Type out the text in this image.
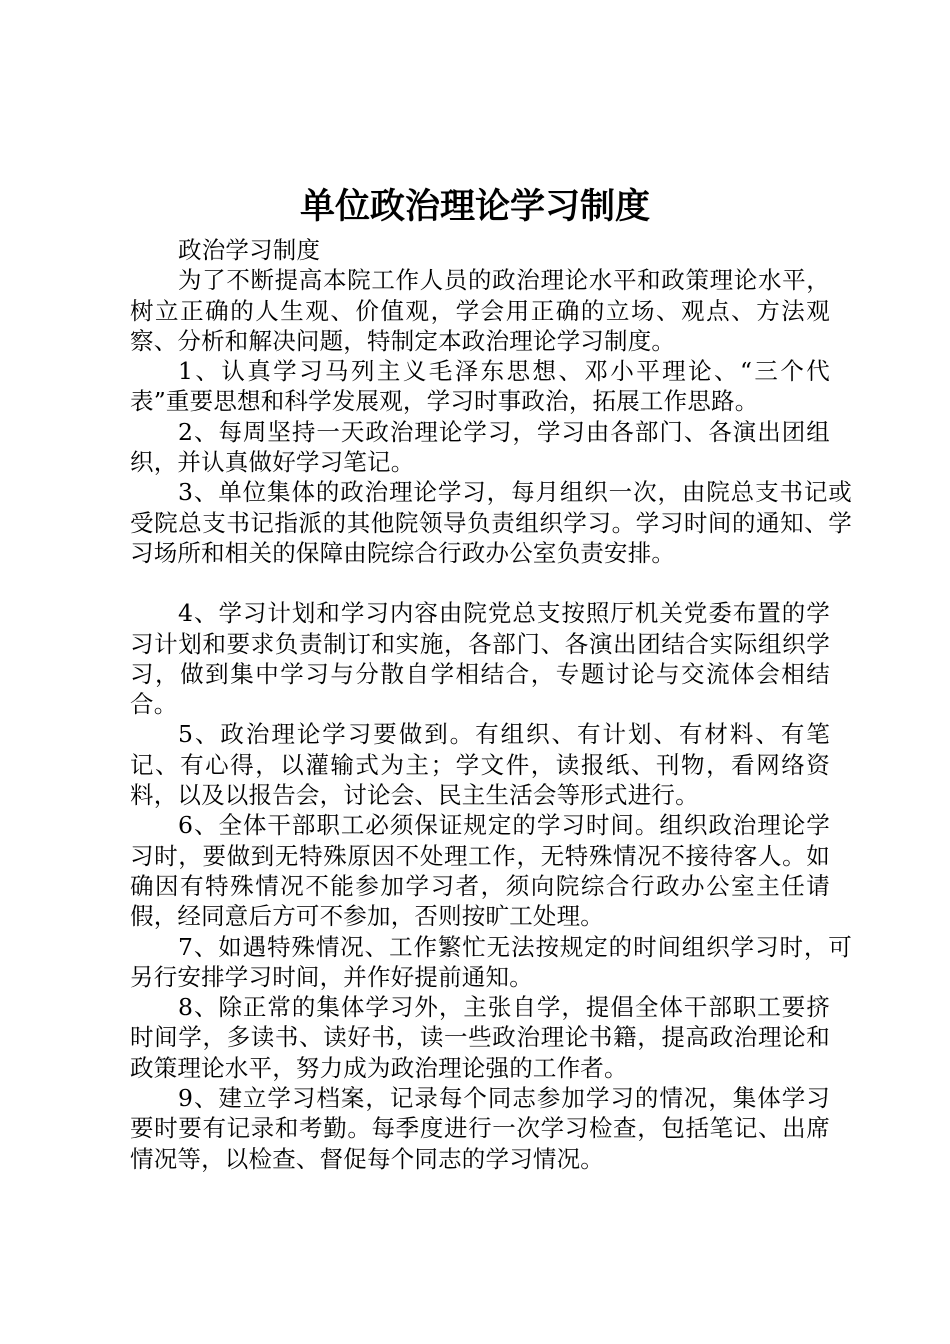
单位政治理论学习制度

政治学习制度

为了不断提高本院工作人员的政治理论水平和政策理论水平，树立正确的人生观、价值观，学会用正确的立场、观点、方法观察、分析和解决问题，特制定本政治理论学习制度。

1、认真学习马列主义毛泽东思想、邓小平理论、“三个代表”重要思想和科学发展观，学习时事政治，拓展工作思路。

2、每周坚持一天政治理论学习，学习由各部门、各演出团组织，并认真做好学习笔记。

3、单位集体的政治理论学习，每月组织一次，由院总支书记或受院总支书记指派的其他院领导负责组织学习。学习时间的通知、学习场所和相关的保障由院综合行政办公室负责安排。

4、学习计划和学习内容由院党总支按照厅机关党委布置的学习计划和要求负责制订和实施，各部门、各演出团结合实际组织学习，做到集中学习与分散自学相结合，专题讨论与交流体会相结合。

5、政治理论学习要做到。有组织、有计划、有材料、有笔记、有心得，以灌输式为主；学文件，读报纸、刊物，看网络资料，以及以报告会，讨论会、民主生活会等形式进行。

6、全体干部职工必须保证规定的学习时间。组织政治理论学习时，要做到无特殊原因不处理工作，无特殊情况不接待客人。如确因有特殊情况不能参加学习者，须向院综合行政办公室主任请假，经同意后方可不参加，否则按旷工处理。

7、如遇特殊情况、工作繁忙无法按规定的时间组织学习时，可另行安排学习时间，并作好提前通知。

8、除正常的集体学习外，主张自学，提倡全体干部职工要挤时间学，多读书、读好书，读一些政治理论书籍，提高政治理论和政策理论水平，努力成为政治理论强的工作者。

9、建立学习档案，记录每个同志参加学习的情况，集体学习要时要有记录和考勤。每季度进行一次学习检查，包括笔记、出席情况等，以检查、督促每个同志的学习情况。
